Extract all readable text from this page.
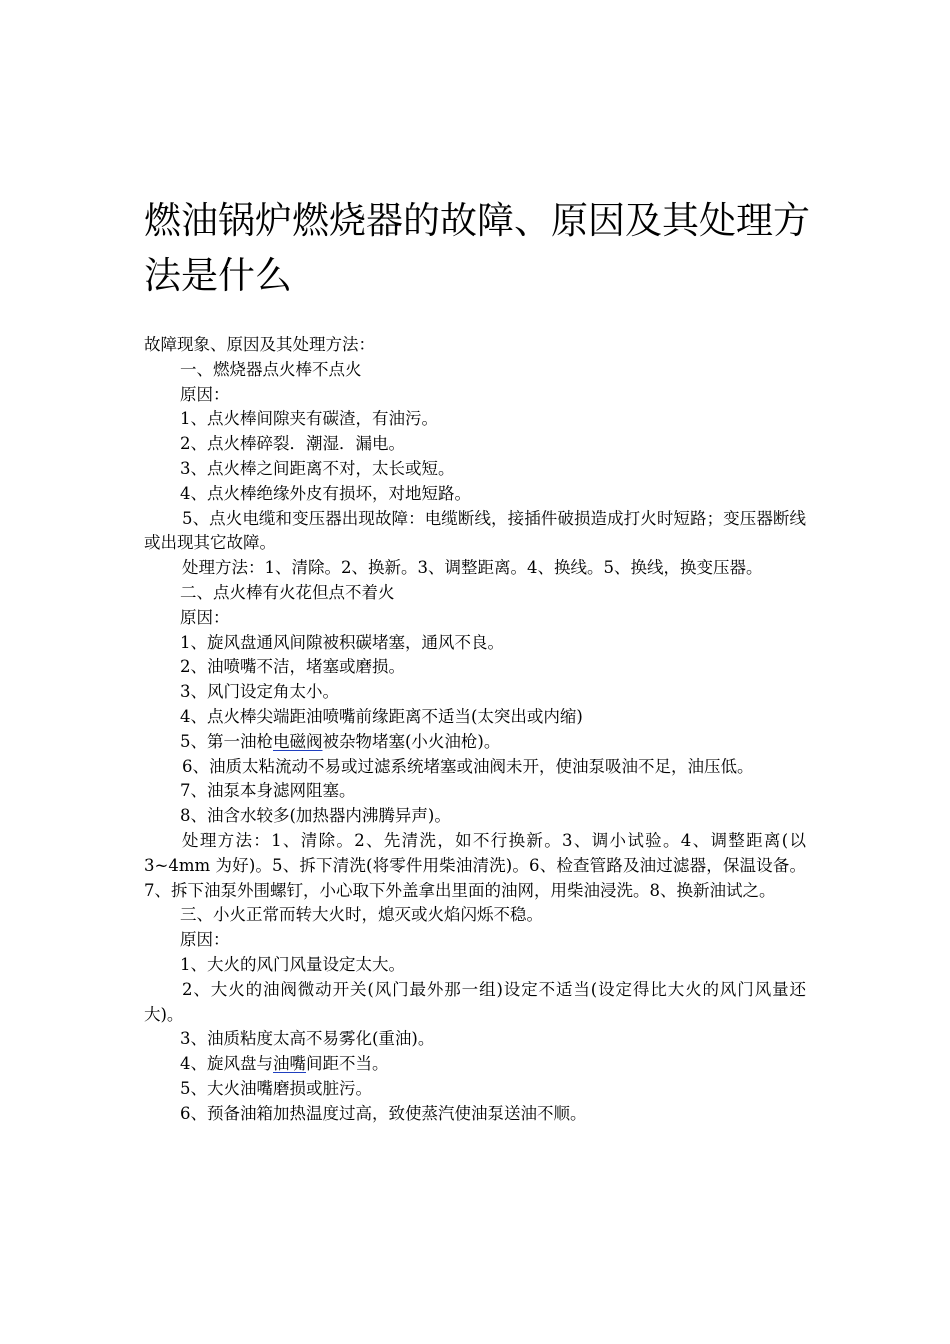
燃油锅炉燃烧器的故障、原因及其处理方法是什么
故障现象、原因及其处理方法：
一、燃烧器点火棒不点火
原因：
1、点火棒间隙夹有碳渣，有油污。
2、点火棒碎裂．潮湿．漏电。
3、点火棒之间距离不对，太长或短。
4、点火棒绝缘外皮有损坏，对地短路。
5、点火电缆和变压器出现故障：电缆断线，接插件破损造成打火时短路；变压器断线或出现其它故障。
处理方法：1、清除。2、换新。3、调整距离。4、换线。5、换线，换变压器。
二、点火棒有火花但点不着火
原因：
1、旋风盘通风间隙被积碳堵塞，通风不良。
2、油喷嘴不洁，堵塞或磨损。
3、风门设定角太小。
4、点火棒尖端距油喷嘴前缘距离不适当(太突出或内缩)
5、第一油枪电磁阀被杂物堵塞(小火油枪)。
6、油质太粘流动不易或过滤系统堵塞或油阀未开，使油泵吸油不足，油压低。
7、油泵本身滤网阻塞。
8、油含水较多(加热器内沸腾异声)。
处理方法：1、清除。2、先清洗，如不行换新。3、调小试验。4、调整距离(以 3~4mm 为好)。5、拆下清洗(将零件用柴油清洗)。6、检查管路及油过滤器，保温设备。7、拆下油泵外围螺钉，小心取下外盖拿出里面的油网，用柴油浸洗。8、换新油试之。
三、小火正常而转大火时，熄灭或火焰闪烁不稳。
原因：
1、大火的风门风量设定太大。
2、大火的油阀微动开关(风门最外那一组)设定不适当(设定得比大火的风门风量还大)。
3、油质粘度太高不易雾化(重油)。
4、旋风盘与油嘴间距不当。
5、大火油嘴磨损或脏污。
6、预备油箱加热温度过高，致使蒸汽使油泵送油不顺。
